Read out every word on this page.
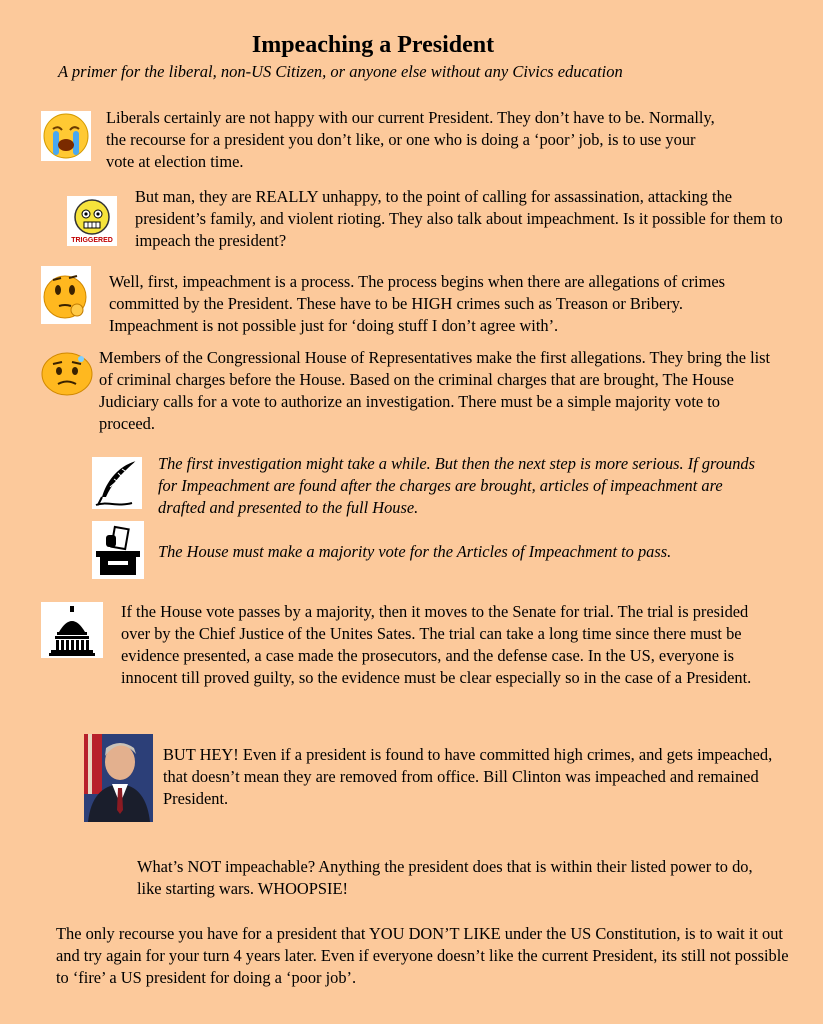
Impeaching a President
A primer for the liberal, non-US Citizen, or anyone else without any Civics education
Liberals certainly are not happy with our current President. They don’t have to be. Normally, the recourse for a president you don’t like, or one who is doing a ‘poor’ job, is to use your vote at election time.
TRIGGERED
But man, they are REALLY unhappy, to the point of calling for assassination, attacking the president’s family, and violent rioting. They also talk about impeachment. Is it possible for them to impeach the president?
Well, first, impeachment is a process. The process begins when there are allegations of crimes committed by the President. These have to be HIGH crimes such as Treason or Bribery. Impeachment is not possible just for ‘doing stuff I don’t agree with’.
Members of the Congressional House of Representatives make the first allegations. They bring the list of criminal charges before the House. Based on the criminal charges that are brought, The House Judiciary calls for a vote to authorize an investigation. There must be a simple majority vote to proceed.
The first investigation might take a while. But then the next step is more serious. If grounds for Impeachment are found after the charges are brought, articles of impeachment are drafted and presented to the full House.
The House must make a majority vote for the Articles of Impeachment to pass.
If the House vote passes by a majority, then it moves to the Senate for trial. The trial is presided over by the Chief Justice of the Unites Sates. The trial can take a long time since there must be evidence presented, a case made the prosecutors, and the defense case. In the US, everyone is innocent till proved guilty, so the evidence must be clear especially so in the case of a President.
BUT HEY! Even if a president is found to have committed high crimes, and gets impeached, that doesn’t mean they are removed from office. Bill Clinton was impeached and remained President.
What’s NOT impeachable? Anything the president does that is within their listed power to do, like starting wars. WHOOPSIE!
The only recourse you have for a president that YOU DON’T LIKE under the US Constitution, is to wait it out and try again for your turn 4 years later. Even if everyone doesn’t like the current President, its still not possible to ‘fire’ a US president for doing a ‘poor job’.
